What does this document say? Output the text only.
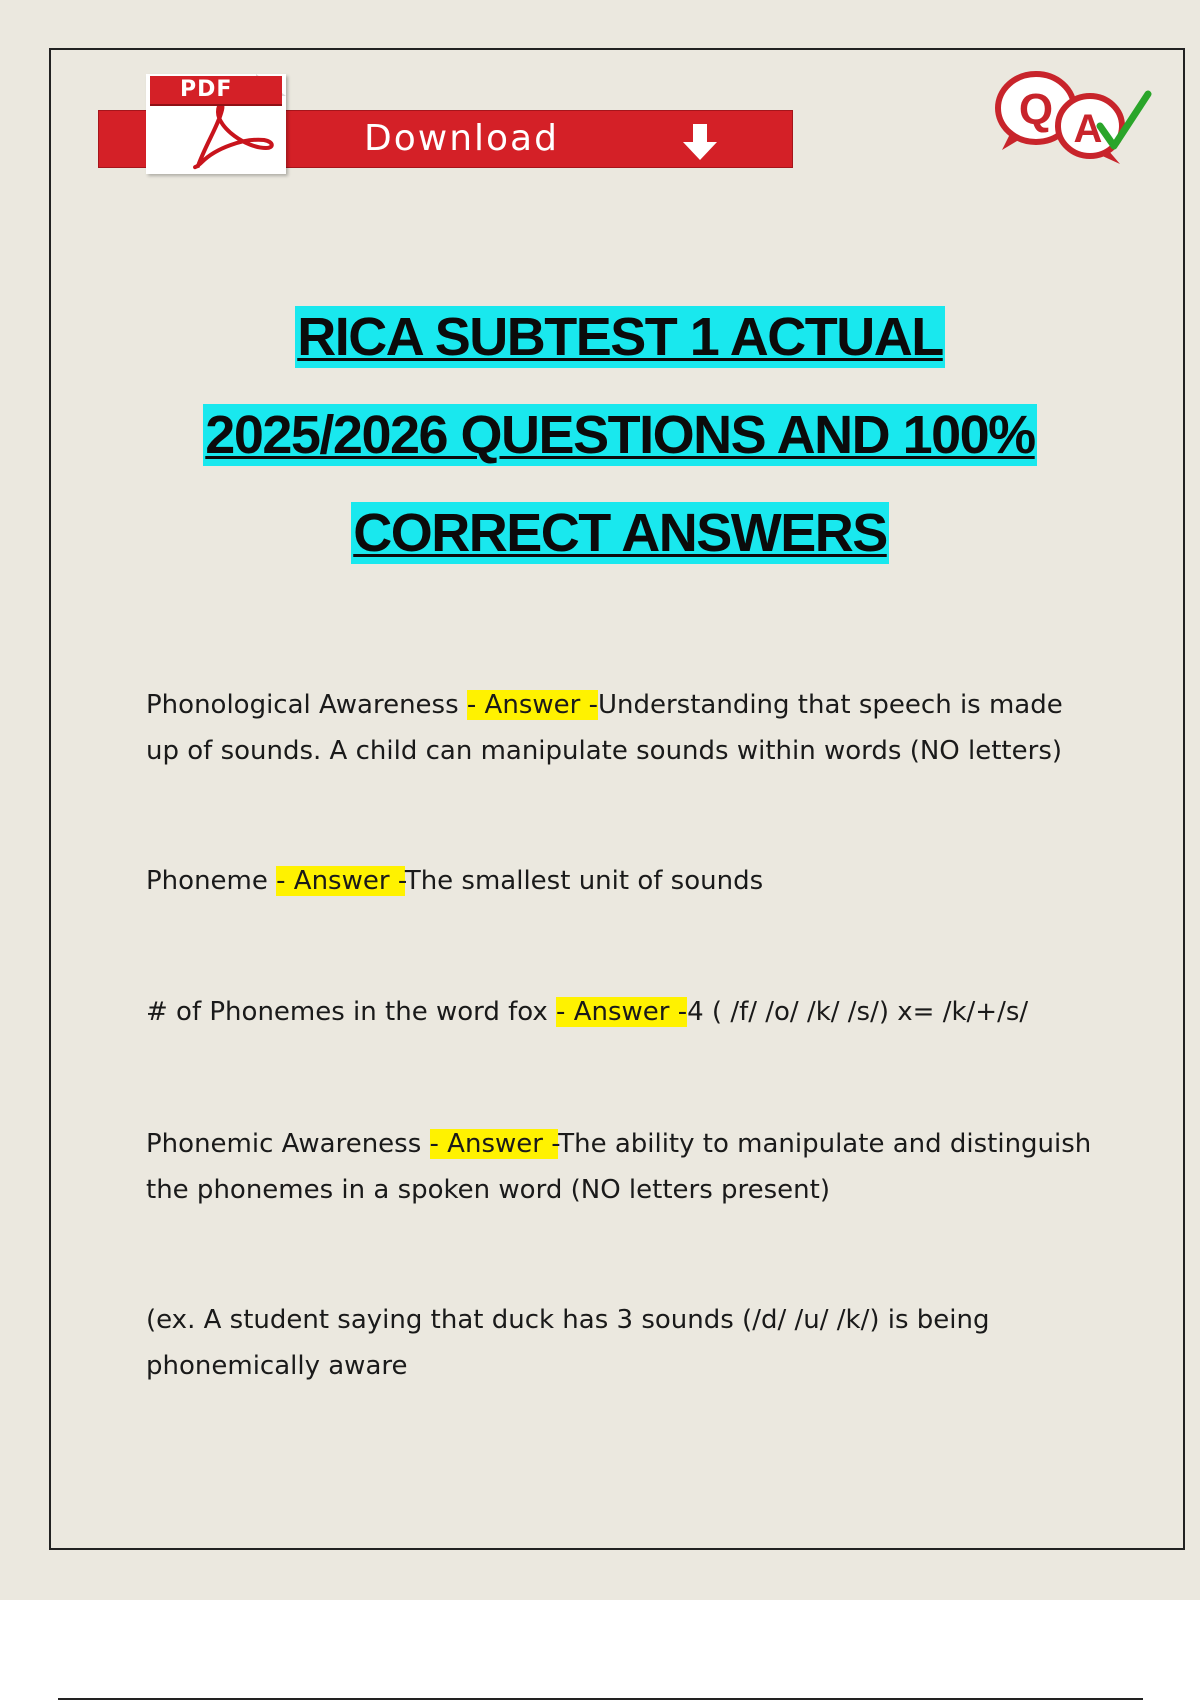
PDF
Download
Q A
RICA SUBTEST 1 ACTUAL
2025/2026 QUESTIONS AND 100%
CORRECT ANSWERS
Phonological Awareness - Answer -Understanding that speech is made up of sounds. A child can manipulate sounds within words (NO letters)
Phoneme - Answer -The smallest unit of sounds
# of Phonemes in the word fox - Answer -4 ( /f/ /o/ /k/ /s/) x= /k/+/s/
Phonemic Awareness - Answer -The ability to manipulate and distinguish the phonemes in a spoken word (NO letters present)
(ex. A student saying that duck has 3 sounds (/d/ /u/ /k/) is being phonemically aware
